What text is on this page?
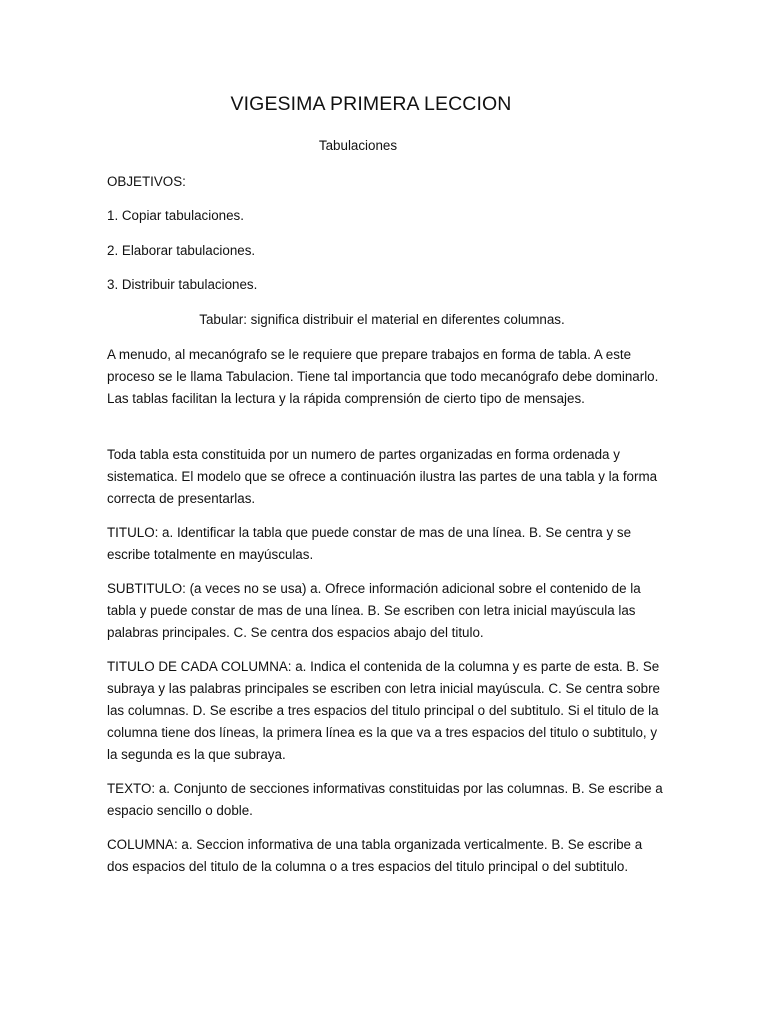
VIGESIMA PRIMERA LECCION

Tabulaciones

OBJETIVOS:

1. Copiar tabulaciones.

2. Elaborar tabulaciones.

3. Distribuir tabulaciones.

Tabular: significa distribuir el material en diferentes columnas.

A menudo, al mecanógrafo se le requiere que prepare trabajos en forma de tabla. A este proceso se le llama Tabulacion. Tiene tal importancia que todo mecanógrafo debe dominarlo. Las tablas facilitan la lectura y la rápida comprensión de cierto tipo de mensajes.

Toda tabla esta constituida por un numero de partes organizadas en forma ordenada y sistematica. El modelo que se ofrece a continuación ilustra las partes de una tabla y la forma correcta de presentarlas.

TITULO: a. Identificar la tabla que puede constar de mas de una línea. B. Se centra y se escribe totalmente en mayúsculas.

SUBTITULO: (a veces no se usa) a. Ofrece información adicional sobre el contenido de la tabla y puede constar de mas de una línea. B. Se escriben con letra inicial mayúscula las palabras principales. C. Se centra dos espacios abajo del titulo.

TITULO DE CADA COLUMNA: a. Indica el contenida de la columna y es parte de esta. B. Se subraya y las palabras principales se escriben con letra inicial mayúscula. C. Se centra sobre las columnas. D. Se escribe a tres espacios del titulo principal o del subtitulo. Si el titulo de la columna tiene dos líneas, la primera línea es la que va a tres espacios del titulo o subtitulo, y la segunda es la que subraya.

TEXTO: a. Conjunto de secciones informativas constituidas por las columnas. B. Se escribe a espacio sencillo o doble.

COLUMNA: a. Seccion informativa de una tabla organizada verticalmente. B. Se escribe a dos espacios del titulo de la columna o a tres espacios del titulo principal o del subtitulo.
